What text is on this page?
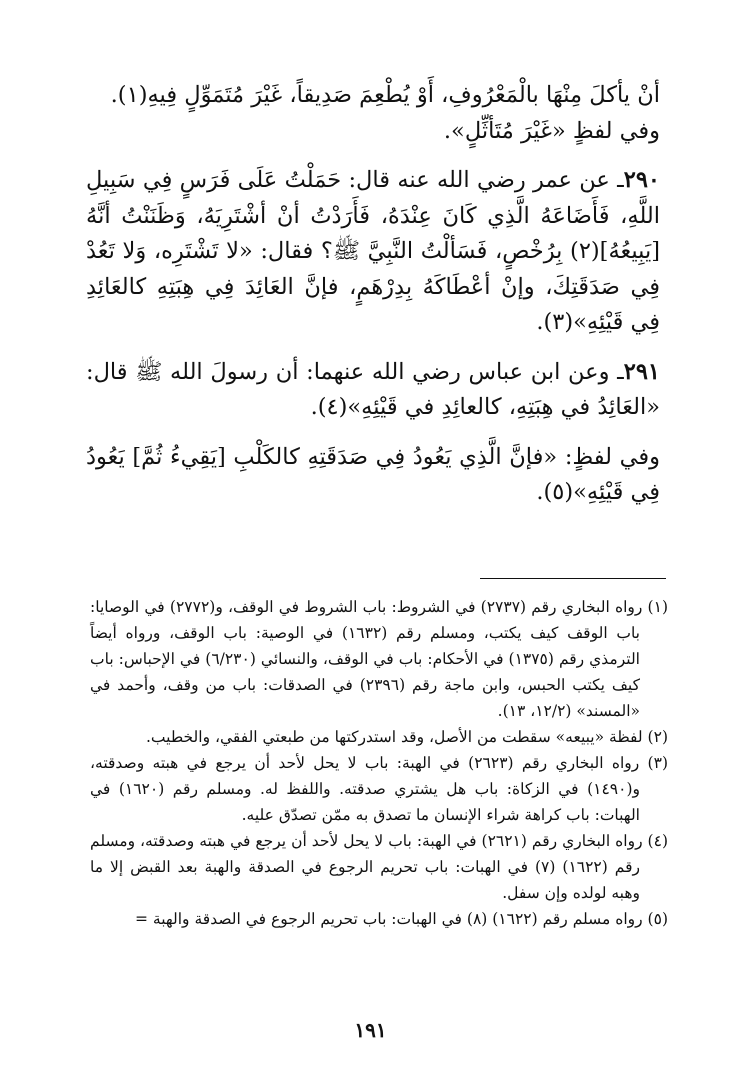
أنْ يأكلَ مِنْهَا بالْمَعْرُوفِ، أَوْ يُطْعِمَ صَدِيقاً، غَيْرَ مُتَمَوِّلٍ فِيهِ(١).

وفي لفظٍ «غَيْرَ مُتَأثِّلٍ».

٢٩٠ـ عن عمر رضي الله عنه قال: حَمَلْتُ عَلَى فَرَسٍ فِي سَبِيلِ اللَّهِ، فَأَضَاعَهُ الَّذِي كَانَ عِنْدَهُ، فَأَرَدْتُ أنْ أشْتَرِيَهُ، وَظَنَنْتُ أنَّهُ [يَبِيعُهُ](٢) بِرُخْصٍ، فَسَألْتُ النَّبِيَّ ﷺ؟ فقال: «لا تَشْتَرِه، وَلا تَعُدْ فِي صَدَقَتِكَ، وإنْ أعْطَاكَهُ بِدِرْهَمٍ، فإنَّ العَائِدَ فِي هِبَتِهِ كالعَائِدِ فِي قَيْئِهِ»(٣).

٢٩١ـ وعن ابن عباس رضي الله عنهما: أن رسولَ الله ﷺ قال: «العَائِدُ في هِبَتِهِ، كالعائِدِ في قَيْئِهِ»(٤).

وفي لفظٍ: «فإنَّ الَّذِي يَعُودُ فِي صَدَقَتِهِ كالكَلْبِ [يَقِيءُ ثُمَّ] يَعُودُ فِي قَيْئِهِ»(٥).

(١) رواه البخاري رقم (٢٧٣٧) في الشروط: باب الشروط في الوقف، و(٢٧٧٢) في الوصايا: باب الوقف كيف يكتب، ومسلم رقم (١٦٣٢) في الوصية: باب الوقف، ورواه أيضاً الترمذي رقم (١٣٧٥) في الأحكام: باب في الوقف، والنسائي (٦/٢٣٠) في الإحباس: باب كيف يكتب الحبس، وابن ماجة رقم (٢٣٩٦) في الصدقات: باب من وقف، وأحمد في «المسند» (١٢/٢، ١٣).

(٢) لفظة «يبيعه» سقطت من الأصل، وقد استدركتها من طبعتي الفقي، والخطيب.

(٣) رواه البخاري رقم (٢٦٢٣) في الهبة: باب لا يحل لأحد أن يرجع في هبته وصدقته، و(١٤٩٠) في الزكاة: باب هل يشتري صدقته. واللفظ له. ومسلم رقم (١٦٢٠) في الهبات: باب كراهة شراء الإنسان ما تصدق به ممّن تصدّق عليه.

(٤) رواه البخاري رقم (٢٦٢١) في الهبة: باب لا يحل لأحد أن يرجع في هبته وصدقته، ومسلم رقم (١٦٢٢) (٧) في الهبات: باب تحريم الرجوع في الصدقة والهبة بعد القبض إلا ما وهبه لولده وإن سفل.

(٥) رواه مسلم رقم (١٦٢٢) (٨) في الهبات: باب تحريم الرجوع في الصدقة والهبة =

١٩١
